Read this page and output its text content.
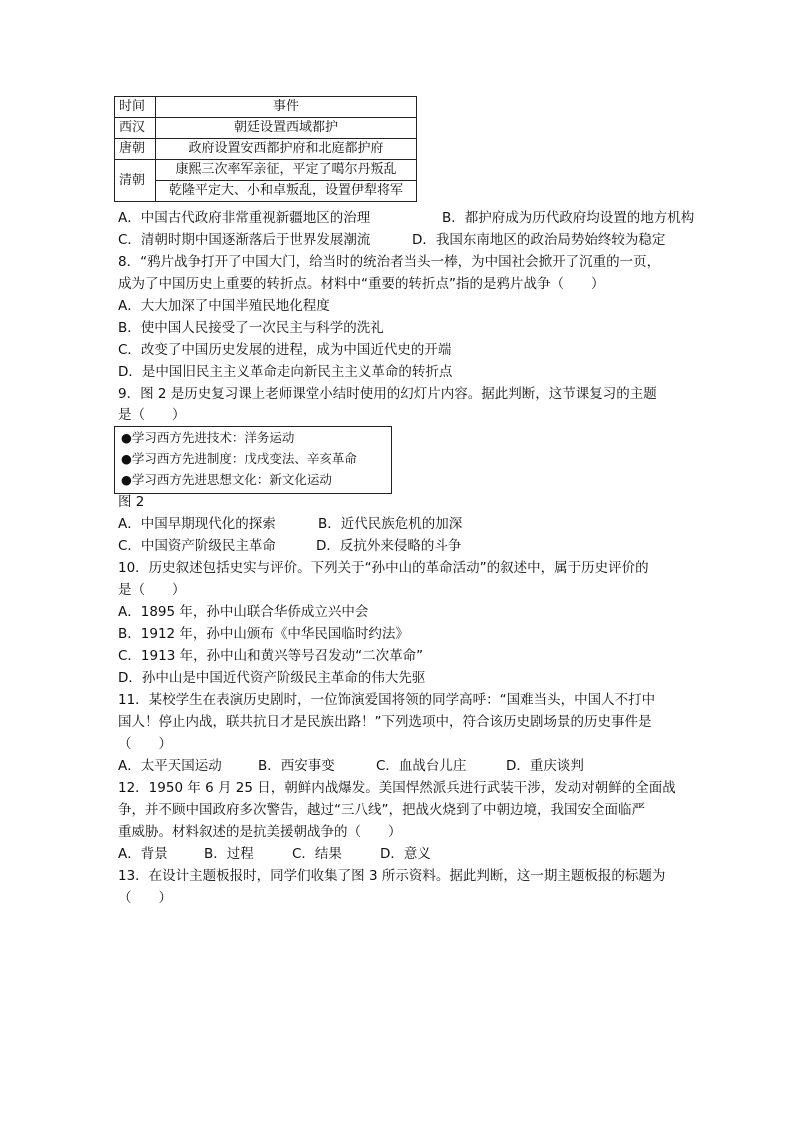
时间	事件
西汉	朝廷设置西域都护
唐朝	政府设置安西都护府和北庭都护府
清朝	康熙三次率军亲征，平定了噶尔丹叛乱
	乾隆平定大、小和卓叛乱，设置伊犁将军
A．中国古代政府非常重视新疆地区的治理	B．都护府成为历代政府均设置的地方机构
C．清朝时期中国逐渐落后于世界发展潮流	D．我国东南地区的政治局势始终较为稳定
8．“鸦片战争打开了中国大门，给当时的统治者当头一棒，为中国社会掀开了沉重的一页，
成为了中国历史上重要的转折点。材料中“重要的转折点”指的是鸦片战争（　　）
A．大大加深了中国半殖民地化程度
B．使中国人民接受了一次民主与科学的洗礼
C．改变了中国历史发展的进程，成为中国近代史的开端
D．是中国旧民主主义革命走向新民主主义革命的转折点
9．图 2 是历史复习课上老师课堂小结时使用的幻灯片内容。据此判断，这节课复习的主题
是（　　）
●学习西方先进技术：洋务运动
●学习西方先进制度：戊戌变法、辛亥革命
●学习西方先进思想文化：新文化运动
图 2
A．中国早期现代化的探索	B．近代民族危机的加深
C．中国资产阶级民主革命	D．反抗外来侵略的斗争
10．历史叙述包括史实与评价。下列关于“孙中山的革命活动”的叙述中，属于历史评价的
是（　　）
A．1895 年，孙中山联合华侨成立兴中会
B．1912 年，孙中山颁布《中华民国临时约法》
C．1913 年，孙中山和黄兴等号召发动“二次革命”
D．孙中山是中国近代资产阶级民主革命的伟大先驱
11．某校学生在表演历史剧时，一位饰演爱国将领的同学高呼：“国难当头，中国人不打中
国人！停止内战，联共抗日才是民族出路！”下列选项中，符合该历史剧场景的历史事件是
（　　）
A．太平天国运动	B．西安事变	C．血战台儿庄	D．重庆谈判
12．1950 年 6 月 25 日，朝鲜内战爆发。美国悍然派兵进行武装干涉，发动对朝鲜的全面战
争，并不顾中国政府多次警告，越过“三八线”，把战火烧到了中朝边境，我国安全面临严
重威胁。材料叙述的是抗美援朝战争的（　　）
A．背景	B．过程	C．结果	D．意义
13．在设计主题板报时，同学们收集了图 3 所示资料。据此判断，这一期主题板报的标题为
（　　）
